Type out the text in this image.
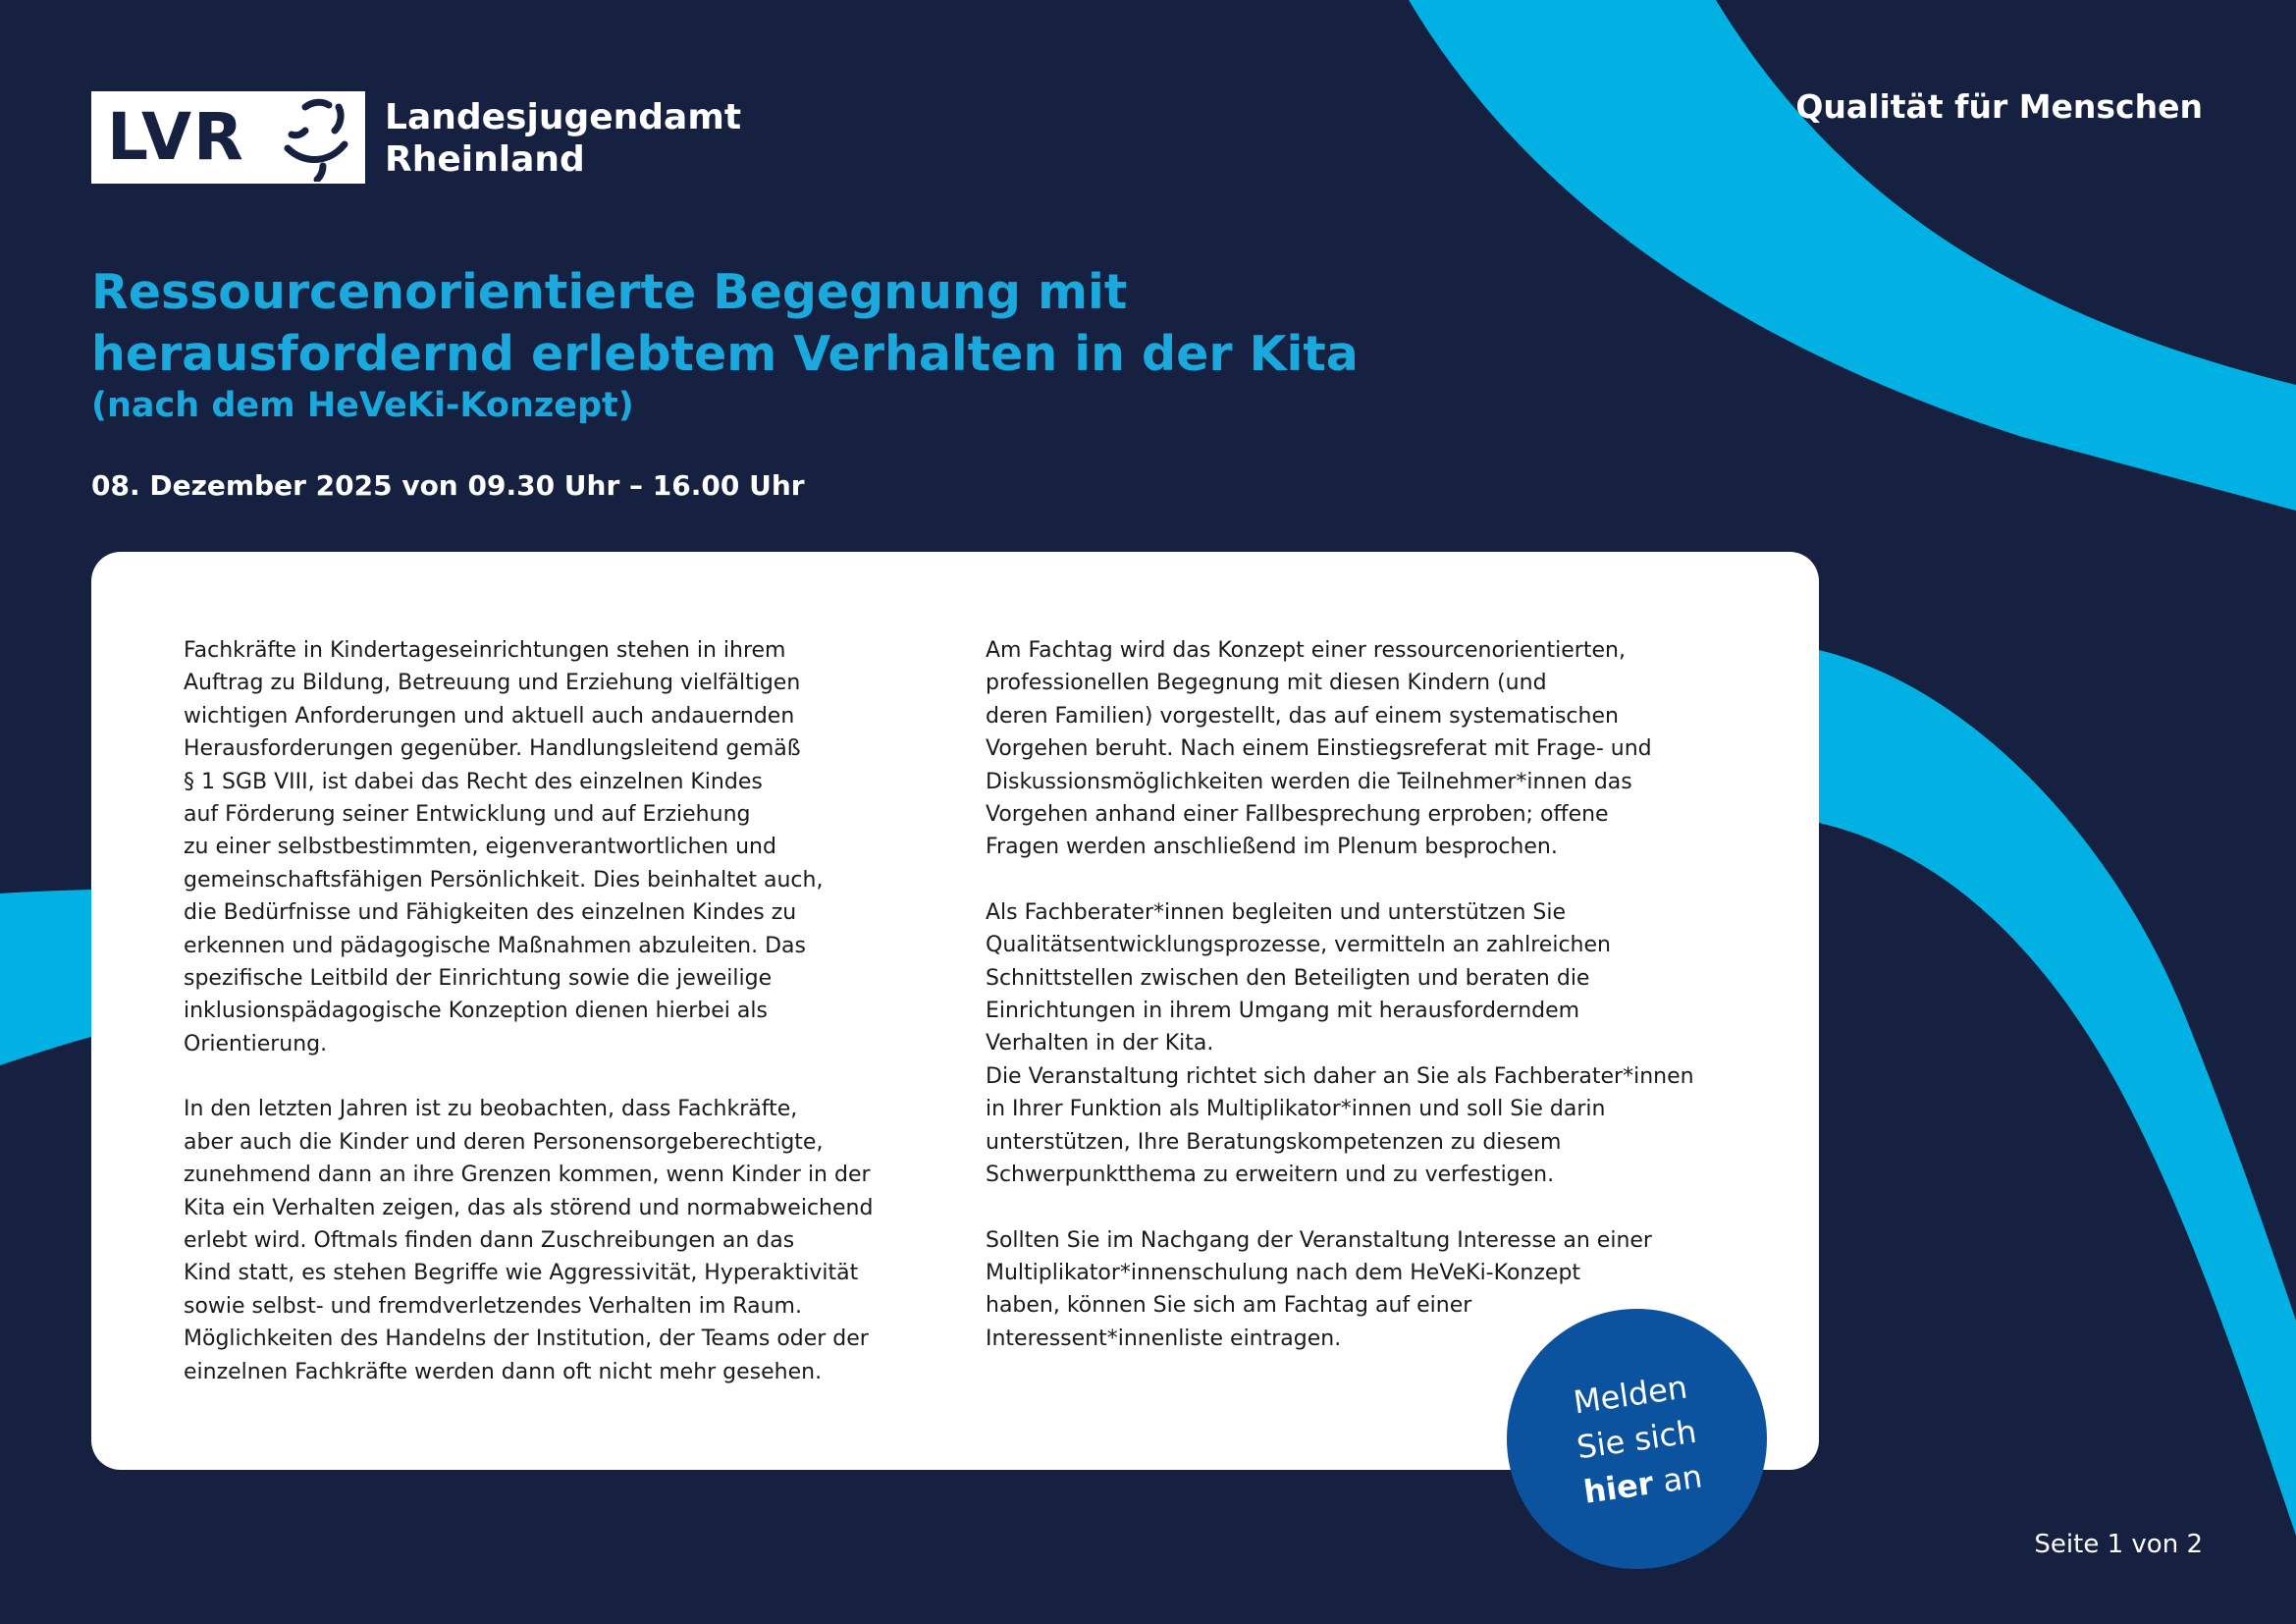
LVR	Landesjugendamt
Rheinland
Qualität für Menschen
Ressourcenorientierte Begegnung mit herausfordernd erlebtem Verhalten in der Kita
(nach dem HeVeKi-Konzept)
08. Dezember 2025 von 09.30 Uhr – 16.00 Uhr
Fachkräfte in Kindertageseinrichtungen stehen in ihrem
Auftrag zu Bildung, Betreuung und Erziehung vielfältigen
wichtigen Anforderungen und aktuell auch andauernden
Herausforderungen gegenüber. Handlungsleitend gemäß
§ 1 SGB VIII, ist dabei das Recht des einzelnen Kindes
auf Förderung seiner Entwicklung und auf Erziehung
zu einer selbstbestimmten, eigenverantwortlichen und
gemeinschaftsfähigen Persönlichkeit. Dies beinhaltet auch,
die Bedürfnisse und Fähigkeiten des einzelnen Kindes zu
erkennen und pädagogische Maßnahmen abzuleiten. Das
spezifische Leitbild der Einrichtung sowie die jeweilige
inklusionspädagogische Konzeption dienen hierbei als
Orientierung.
In den letzten Jahren ist zu beobachten, dass Fachkräfte,
aber auch die Kinder und deren Personensorgeberechtigte,
zunehmend dann an ihre Grenzen kommen, wenn Kinder in der
Kita ein Verhalten zeigen, das als störend und normabweichend
erlebt wird. Oftmals finden dann Zuschreibungen an das
Kind statt, es stehen Begriffe wie Aggressivität, Hyperaktivität
sowie selbst- und fremdverletzendes Verhalten im Raum.
Möglichkeiten des Handelns der Institution, der Teams oder der
einzelnen Fachkräfte werden dann oft nicht mehr gesehen.
Am Fachtag wird das Konzept einer ressourcenorientierten,
professionellen Begegnung mit diesen Kindern (und
deren Familien) vorgestellt, das auf einem systematischen
Vorgehen beruht. Nach einem Einstiegsreferat mit Frage- und
Diskussionsmöglichkeiten werden die Teilnehmer*innen das
Vorgehen anhand einer Fallbesprechung erproben; offene
Fragen werden anschließend im Plenum besprochen.
Als Fachberater*innen begleiten und unterstützen Sie
Qualitätsentwicklungsprozesse, vermitteln an zahlreichen
Schnittstellen zwischen den Beteiligten und beraten die
Einrichtungen in ihrem Umgang mit herausforderndem
Verhalten in der Kita.
Die Veranstaltung richtet sich daher an Sie als Fachberater*innen
in Ihrer Funktion als Multiplikator*innen und soll Sie darin
unterstützen, Ihre Beratungskompetenzen zu diesem
Schwerpunktthema zu erweitern und zu verfestigen.
Sollten Sie im Nachgang der Veranstaltung Interesse an einer
Multiplikator*innenschulung nach dem HeVeKi-Konzept
haben, können Sie sich am Fachtag auf einer
Interessent*innenliste eintragen.
Melden
Sie sich
hier an
Seite 1 von 2
